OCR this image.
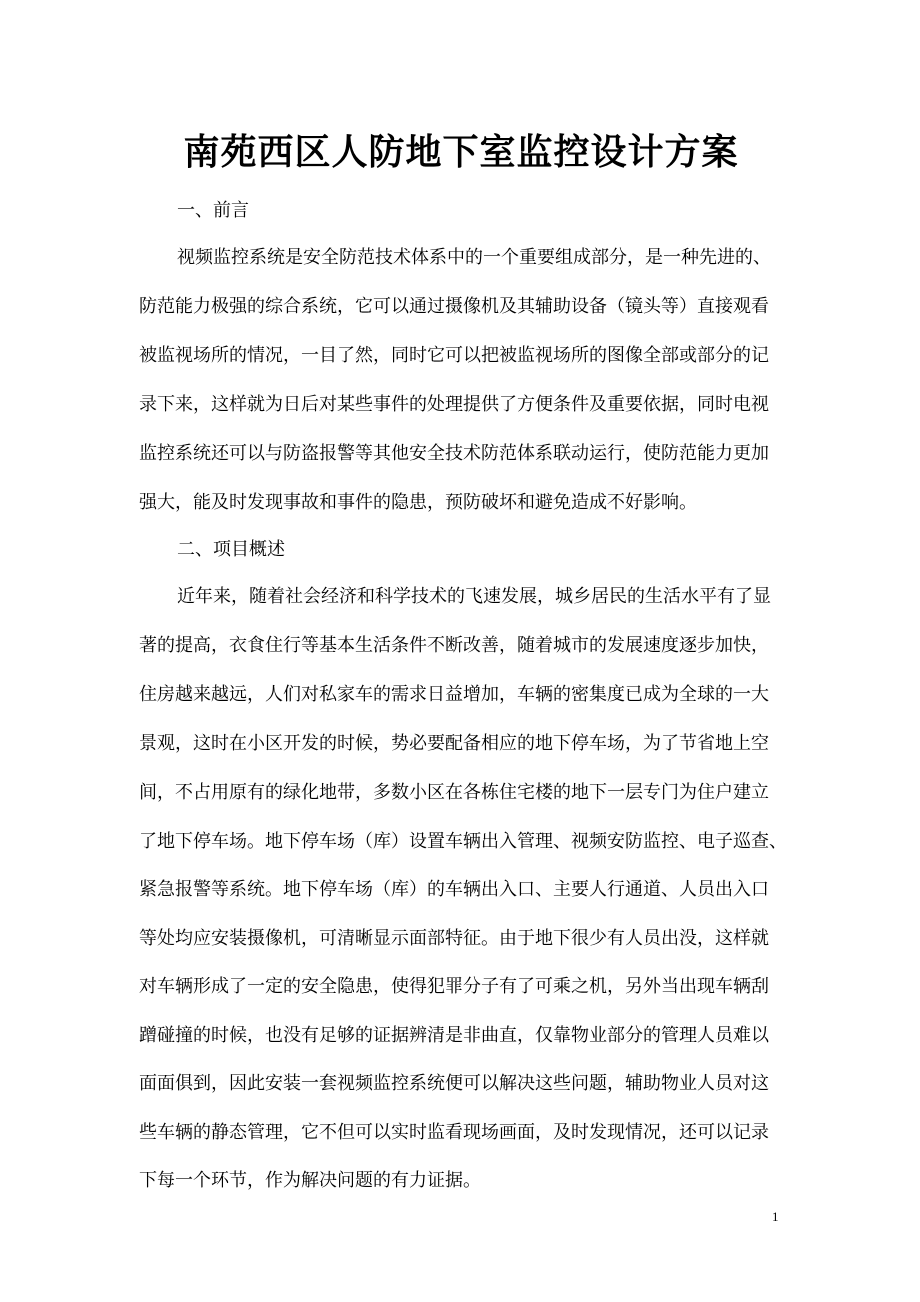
南苑西区人防地下室监控设计方案
一、前言
视频监控系统是安全防范技术体系中的一个重要组成部分，是一种先进的、
防范能力极强的综合系统，它可以通过摄像机及其辅助设备（镜头等）直接观看
被监视场所的情况，一目了然，同时它可以把被监视场所的图像全部或部分的记
录下来，这样就为日后对某些事件的处理提供了方便条件及重要依据，同时电视
监控系统还可以与防盗报警等其他安全技术防范体系联动运行，使防范能力更加
强大，能及时发现事故和事件的隐患，预防破坏和避免造成不好影响。
二、项目概述
近年来，随着社会经济和科学技术的飞速发展，城乡居民的生活水平有了显
著的提高，衣食住行等基本生活条件不断改善，随着城市的发展速度逐步加快，
住房越来越远，人们对私家车的需求日益增加，车辆的密集度已成为全球的一大
景观，这时在小区开发的时候，势必要配备相应的地下停车场，为了节省地上空
间，不占用原有的绿化地带，多数小区在各栋住宅楼的地下一层专门为住户建立
了地下停车场。地下停车场（库）设置车辆出入管理、视频安防监控、电子巡查、
紧急报警等系统。地下停车场（库）的车辆出入口、主要人行通道、人员出入口
等处均应安装摄像机，可清晰显示面部特征。由于地下很少有人员出没，这样就
对车辆形成了一定的安全隐患，使得犯罪分子有了可乘之机，另外当出现车辆刮
蹭碰撞的时候，也没有足够的证据辨清是非曲直，仅靠物业部分的管理人员难以
面面俱到，因此安装一套视频监控系统便可以解决这些问题，辅助物业人员对这
些车辆的静态管理，它不但可以实时监看现场画面，及时发现情况，还可以记录
下每一个环节，作为解决问题的有力证据。
1
